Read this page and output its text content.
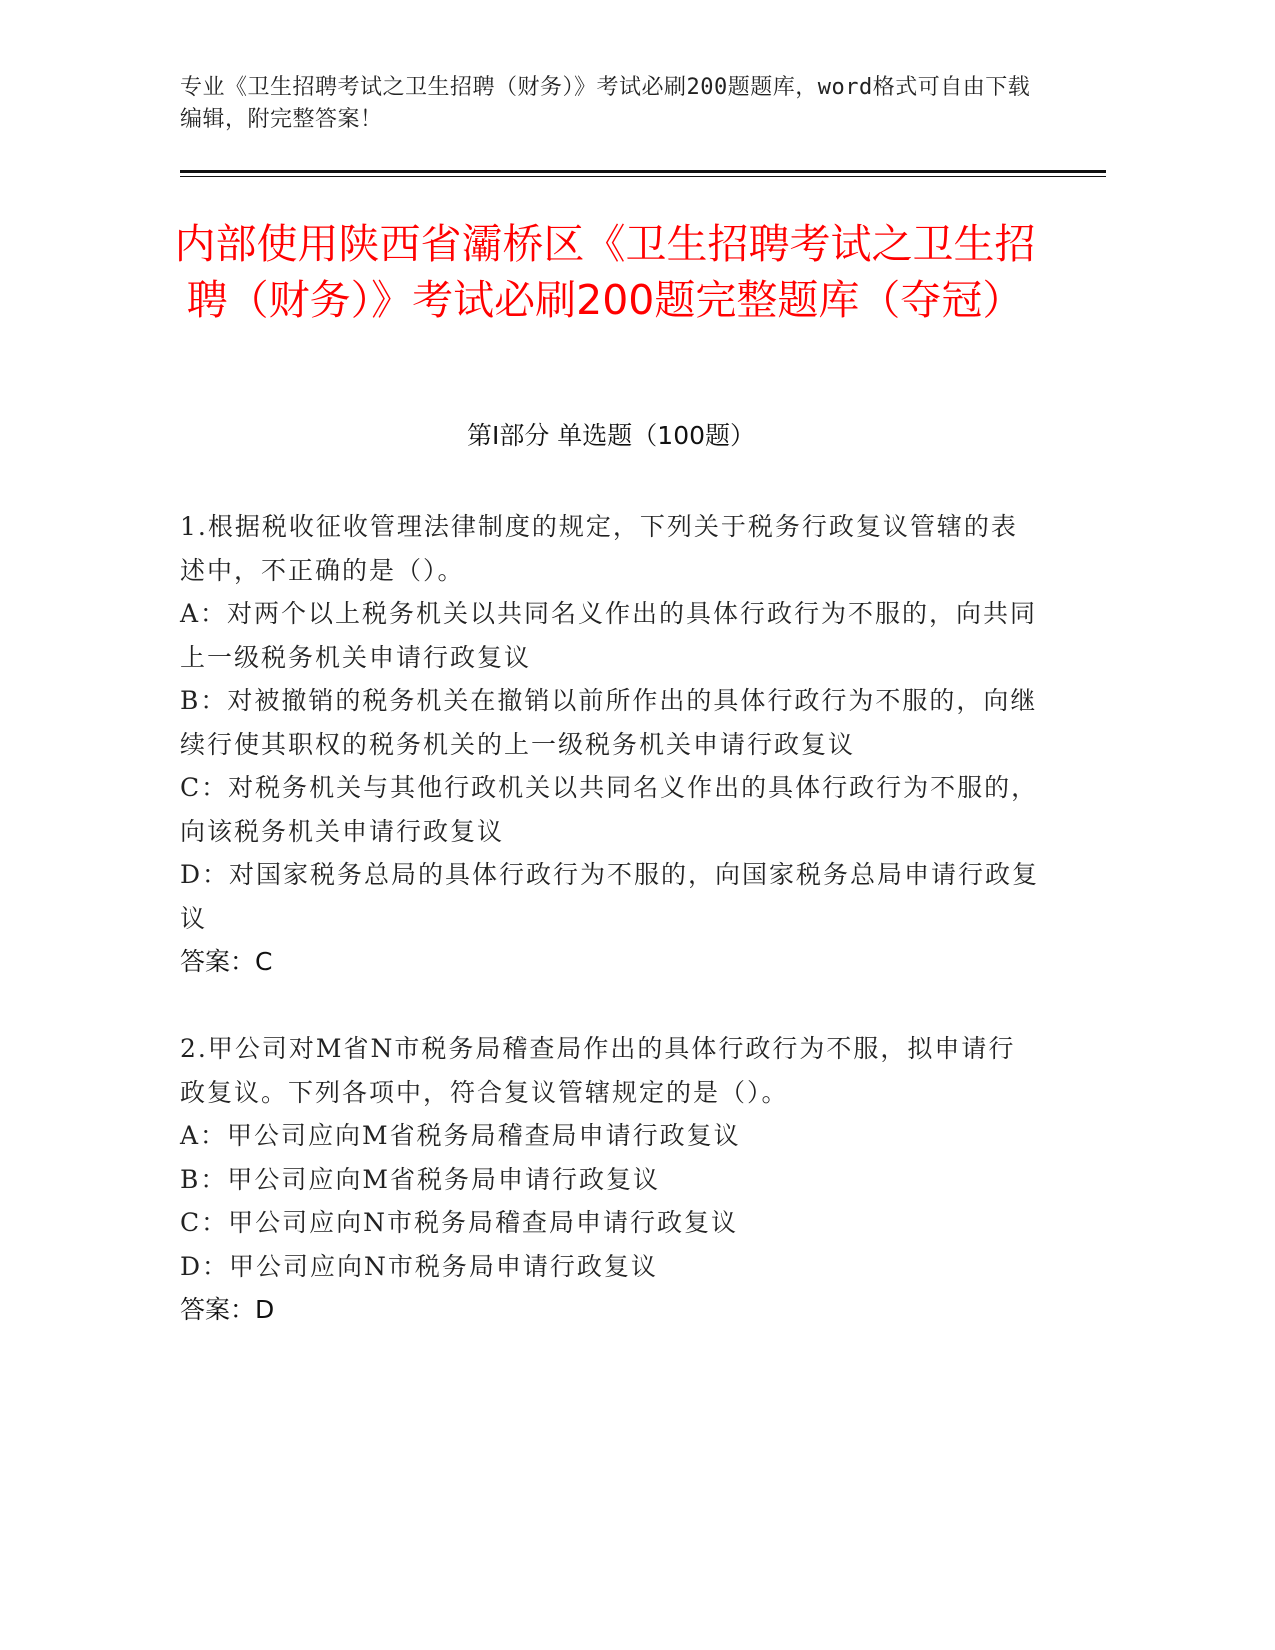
专业《卫生招聘考试之卫生招聘（财务）》考试必刷200题题库，word格式可自由下载编辑，附完整答案！
内部使用陕西省灞桥区《卫生招聘考试之卫生招聘（财务）》考试必刷200题完整题库（夺冠）
第Ⅰ部分 单选题（100题）

1.根据税收征收管理法律制度的规定，下列关于税务行政复议管辖的表述中，不正确的是（）。

A：对两个以上税务机关以共同名义作出的具体行政行为不服的，向共同上一级税务机关申请行政复议

B：对被撤销的税务机关在撤销以前所作出的具体行政行为不服的，向继续行使其职权的税务机关的上一级税务机关申请行政复议

C：对税务机关与其他行政机关以共同名义作出的具体行政行为不服的，向该税务机关申请行政复议

D：对国家税务总局的具体行政行为不服的，向国家税务总局申请行政复议

答案：C

2.甲公司对M省N市税务局稽查局作出的具体行政行为不服，拟申请行政复议。下列各项中，符合复议管辖规定的是（）。

A：甲公司应向M省税务局稽查局申请行政复议

B：甲公司应向M省税务局申请行政复议

C：甲公司应向N市税务局稽查局申请行政复议

D：甲公司应向N市税务局申请行政复议

答案：D
